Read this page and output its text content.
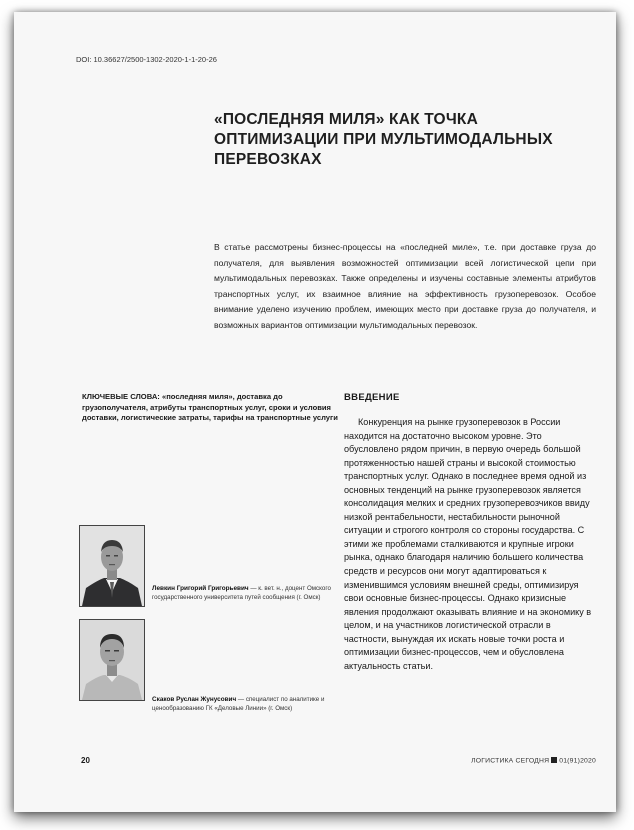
DOI: 10.36627/2500-1302-2020-1-1-20-26
«ПОСЛЕДНЯЯ МИЛЯ» КАК ТОЧКА ОПТИМИЗАЦИИ ПРИ МУЛЬТИМОДАЛЬНЫХ ПЕРЕВОЗКАХ
В статье рассмотрены бизнес-процессы на «последней миле», т.е. при доставке груза до получателя, для выявления возможностей оптимизации всей логистической цепи при мультимодальных перевозках. Также определены и изучены составные элементы атрибутов транспортных услуг, их взаимное влияние на эффективность грузоперевозок. Особое внимание уделено изучению проблем, имеющих место при доставке груза до получателя, и возможных вариантов оптимизации мультимодальных перевозок.
КЛЮЧЕВЫЕ СЛОВА: «последняя миля», доставка до грузополучателя, атрибуты транспортных услуг, сроки и условия доставки, логистические затраты, тарифы на транспортные услуги
ВВЕДЕНИЕ
Конкуренция на рынке грузоперевозок в России находится на достаточно высоком уровне. Это обусловлено рядом причин, в первую очередь большой протяженностью нашей страны и высокой стоимостью транспортных услуг. Однако в последнее время одной из основных тенденций на рынке грузоперевозок является консолидация мелких и средних грузоперевозчиков ввиду низкой рентабельности, нестабильности рыночной ситуации и строгого контроля со стороны государства. С этими же проблемами сталкиваются и крупные игроки рынка, однако благодаря наличию большего количества средств и ресурсов они могут адаптироваться к изменившимся условиям внешней среды, оптимизируя свои основные бизнес-процессы. Однако кризисные явления продолжают оказывать влияние и на экономику в целом, и на участников логистической отрасли в частности, вынуждая их искать новые точки роста и оптимизации бизнес-процессов, чем и обусловлена актуальность статьи.
Левкин Григорий Григорьевич — к. вет. н., доцент Омского государственного университета путей сообщения (г. Омск)
Скаков Руслан Жунусович — специалист по аналитике и ценообразованию ГК «Деловые Линии» (г. Омск)
20	ЛОГИСТИКА СЕГОДНЯ 01(91)2020
